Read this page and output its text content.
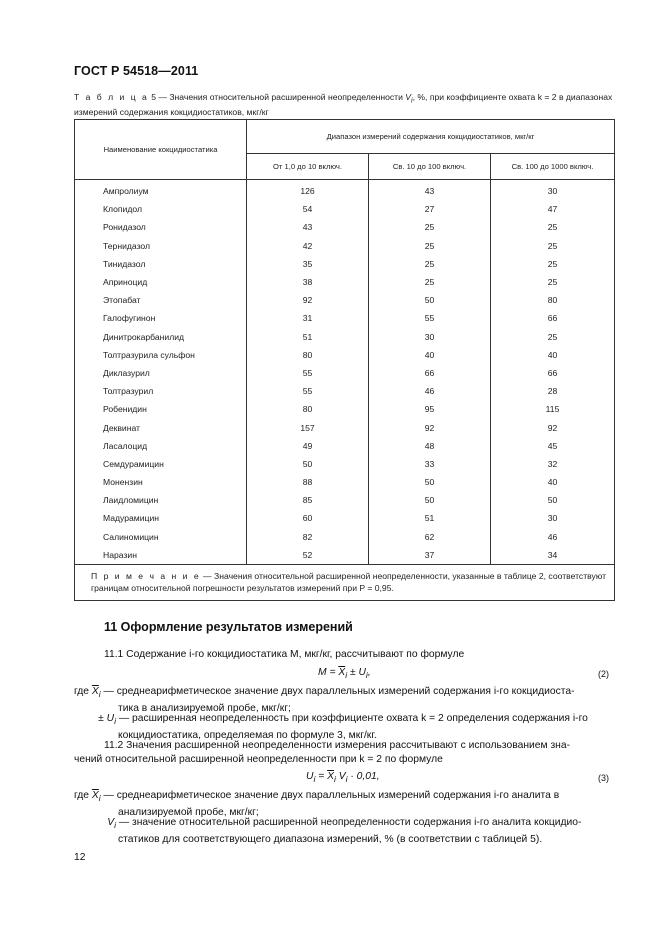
ГОСТ Р 54518—2011
Т а б л и ц а 5 — Значения относительной расширенной неопределенности $V_i$, %, при коэффициенте охвата k = 2 в диапазонах измерений содержания кокцидиостатиков, мкг/кг
Наименование кокцидиостатика	Диапазон измерений содержания кокцидиостатиков, мкг/кг		
	От 1,0 до 10 включ.	Св. 10 до 100 включ.	Св. 100 до 1000 включ.
Ампролиум	126	43	30
Клопидол	54	27	47
Ронидазол	43	25	25
Тернидазол	42	25	25
Тинидазол	35	25	25
Априноцид	38	25	25
Этопабат	92	50	80
Галофугинон	31	55	66
Динитрокарбанилид	51	30	25
Толтразурила сульфон	80	40	40
Диклазурил	55	66	66
Толтразурил	55	46	28
Робенидин	80	95	115
Деквинат	157	92	92
Ласалоцид	49	48	45
Семдурамицин	50	33	32
Монензин	88	50	40
Лаидломицин	85	50	50
Мадурамицин	60	51	30
Салиномицин	82	62	46
Наразин	52	37	34
П р и м е ч а н и е — Значения относительной расширенной неопределенности, указанные в таблице 2, соответствуют границам относительной погрешности результатов измерений при P = 0,95.			
11 Оформление результатов измерений
11.1 Содержание i-го кокцидиостатика M, мкг/кг, рассчитывают по формуле
$M = \overline{X}_i \pm U_i$,	(2)
где $\overline{X}_i$ — среднеарифметическое значение двух параллельных измерений содержания i-го кокцидиоста-
тика в анализируемой пробе, мкг/кг;
± $U_i$ — расширенная неопределенность при коэффициенте охвата k = 2 определения содержания i-го
кокцидиостатика, определяемая по формуле 3, мкг/кг.
11.2 Значения расширенной неопределенности измерения рассчитывают с использованием зна-
чений относительной расширенной неопределенности при k = 2 по формуле
$U_i = \overline{X}_i$ $V_i \cdot 0,01$,	(3)
где $\overline{X}_i$ — среднеарифметическое значение двух параллельных измерений содержания i-го аналита в
анализируемой пробе, мкг/кг;
$V_i$ — значение относительной расширенной неопределенности содержания i-го аналита кокцидио-
статиков для соответствующего диапазона измерений, % (в соответствии с таблицей 5).
12
